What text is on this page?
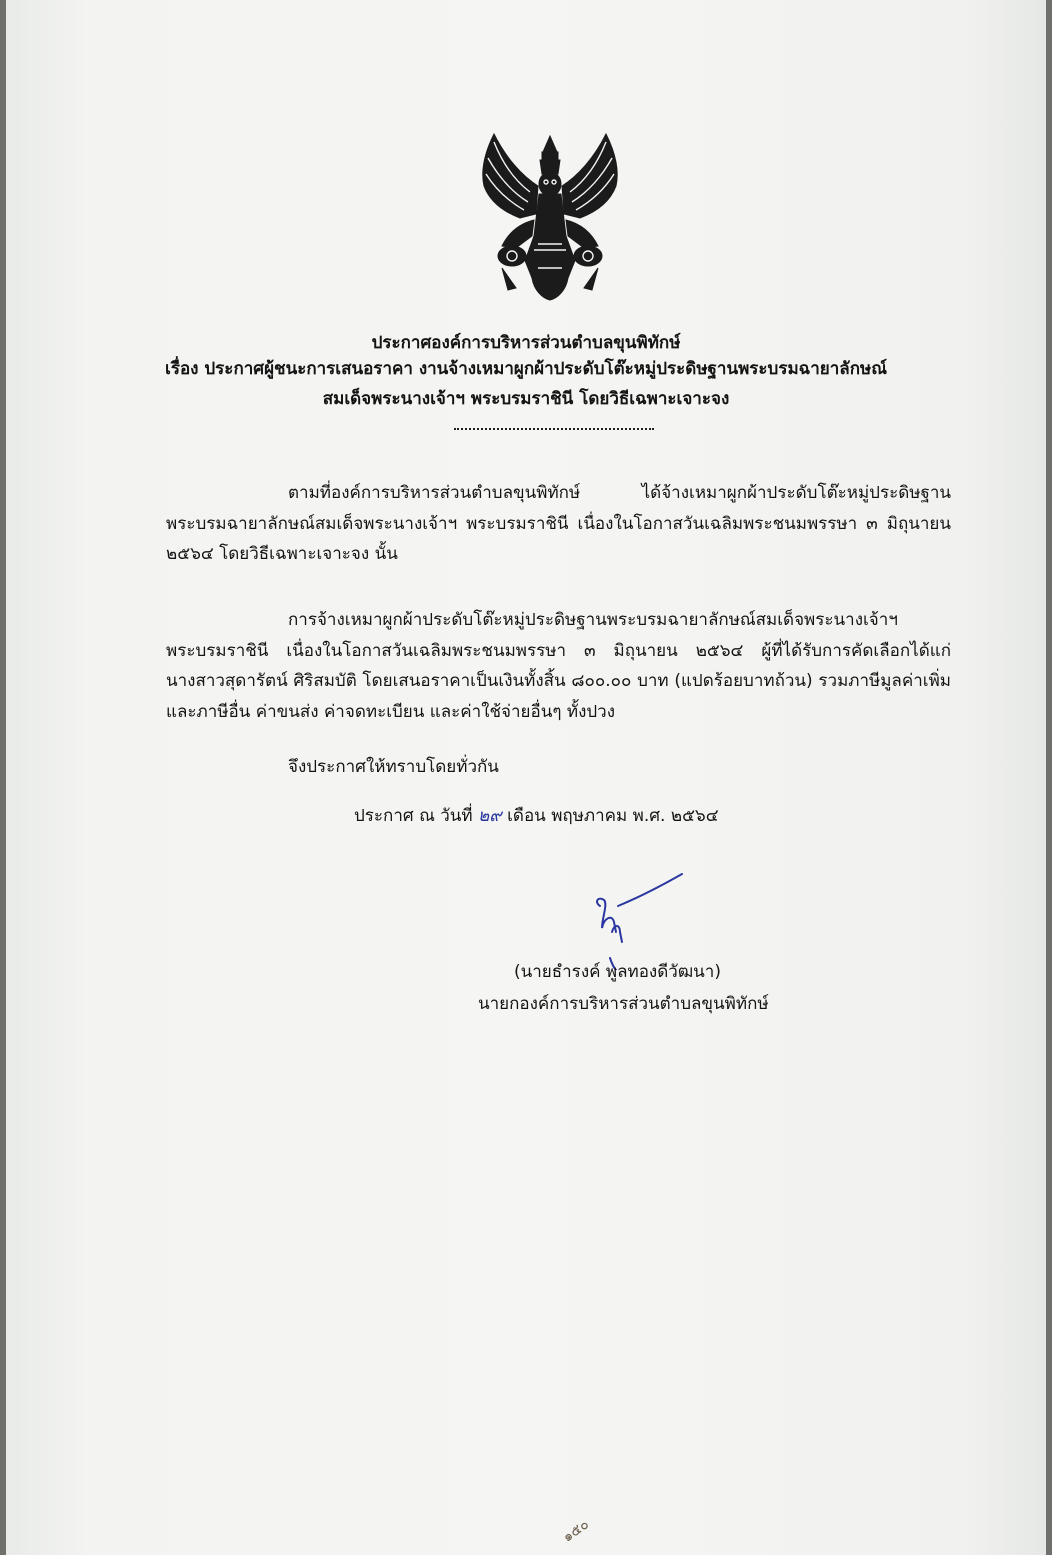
ประกาศองค์การบริหารส่วนตำบลขุนพิทักษ์

เรื่อง ประกาศผู้ชนะการเสนอราคา งานจ้างเหมาผูกผ้าประดับโต๊ะหมู่ประดิษฐานพระบรมฉายาลักษณ์

สมเด็จพระนางเจ้าฯ พระบรมราชินี โดยวิธีเฉพาะเจาะจง

ตามที่องค์การบริหารส่วนตำบลขุนพิทักษ์ ได้จ้างเหมาผูกผ้าประดับโต๊ะหมู่ประดิษฐาน พระบรมฉายาลักษณ์สมเด็จพระนางเจ้าฯ พระบรมราชินี เนื่องในโอกาสวันเฉลิมพระชนมพรรษา ๓ มิถุนายน ๒๕๖๔ โดยวิธีเฉพาะเจาะจง นั้น

การจ้างเหมาผูกผ้าประดับโต๊ะหมู่ประดิษฐานพระบรมฉายาลักษณ์สมเด็จพระนางเจ้าฯ พระบรมราชินี เนื่องในโอกาสวันเฉลิมพระชนมพรรษา ๓ มิถุนายน ๒๕๖๔ ผู้ที่ได้รับการคัดเลือกได้แก่ นางสาวสุดารัตน์ ศิริสมบัติ โดยเสนอราคาเป็นเงินทั้งสิ้น ๘๐๐.๐๐ บาท (แปดร้อยบาทถ้วน) รวมภาษีมูลค่าเพิ่มและภาษีอื่น ค่าขนส่ง ค่าจดทะเบียน และค่าใช้จ่ายอื่นๆ ทั้งปวง

จึงประกาศให้ทราบโดยทั่วกัน
ประกาศ ณ วันที่ ๒๙ เดือน พฤษภาคม พ.ศ. ๒๕๖๔
(นายธำรงค์ พูลทองดีวัฒนา)
นายกองค์การบริหารส่วนตำบลขุนพิทักษ์
๑๕๐
